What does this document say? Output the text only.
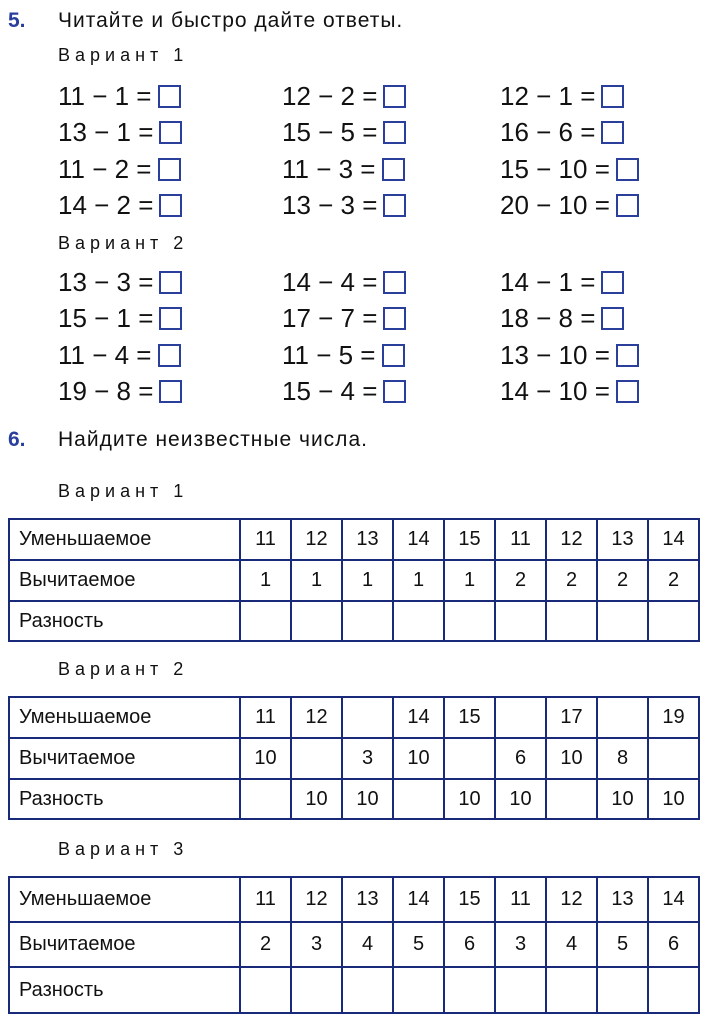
5. Читайте и быстро дайте ответы.
Вариант 1
11 − 1 =
13 − 1 =
11 − 2 =
14 − 2 =
12 − 2 =
15 − 5 =
11 − 3 =
13 − 3 =
12 − 1 =
16 − 6 =
15 − 10 =
20 − 10 =
Вариант 2
13 − 3 =
15 − 1 =
11 − 4 =
19 − 8 =
14 − 4 =
17 − 7 =
11 − 5 =
15 − 4 =
14 − 1 =
18 − 8 =
13 − 10 =
14 − 10 =
6. Найдите неизвестные числа.
Вариант 1
Уменьшаемое	11	12	13	14	15	11	12	13	14
Вычитаемое	1	1	1	1	1	2	2	2	2
Разность									
Вариант 2
Уменьшаемое	11	12		14	15		17		19
Вычитаемое	10		3	10		6	10	8	
Разность		10	10		10	10		10	10
Вариант 3
Уменьшаемое	11	12	13	14	15	11	12	13	14
Вычитаемое	2	3	4	5	6	3	4	5	6
Разность									
